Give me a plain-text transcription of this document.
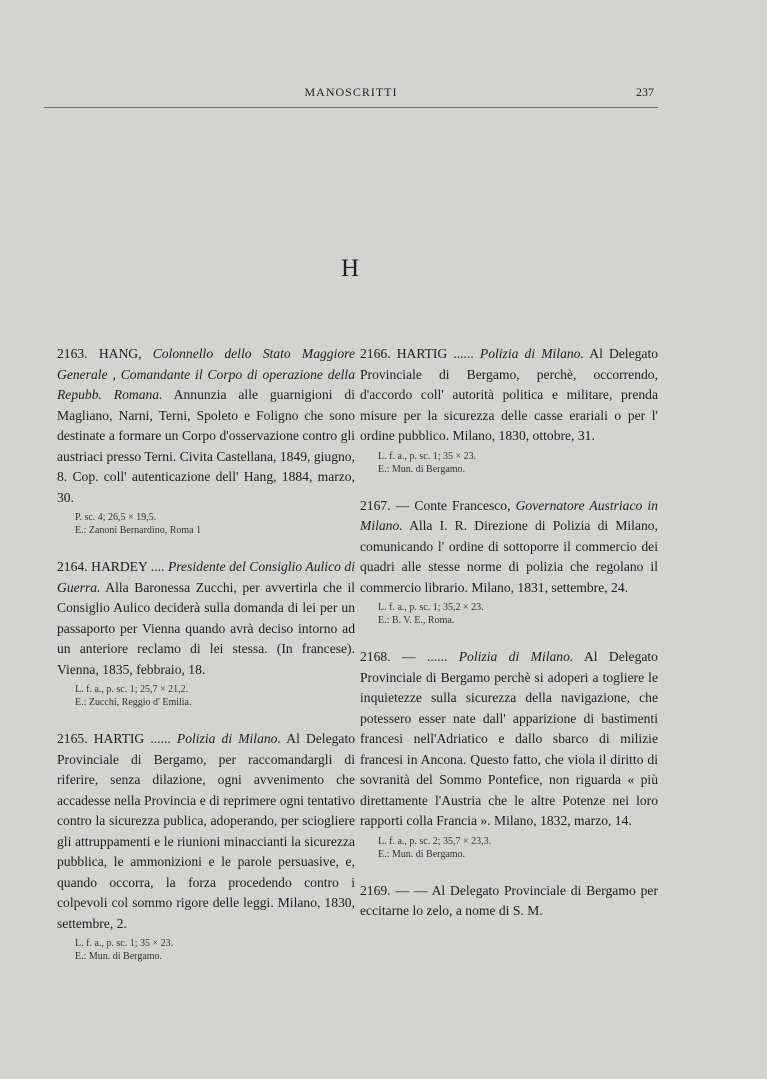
MANOSCRITTI	237
H

2163. HANG, Colonnello dello Stato Maggiore Generale , Comandante il Corpo di operazione della Repubb. Romana. Annunzia alle guarnigioni di Magliano, Narni, Terni, Spoleto e Foligno che sono destinate a formare un Corpo d'osservazione contro gli austriaci presso Terni. Civita Castellana, 1849, giugno, 8. Cop. coll' autenticazione dell' Hang, 1884, marzo, 30.

P. sc. 4; 26,5 × 19,5.
E.: Zanoni Bernardino, Roma 1

2164. HARDEY .... Presidente del Consiglio Aulico di Guerra. Alla Baronessa Zucchi, per avvertirla che il Consiglio Aulico deciderà sulla domanda di lei per un passaporto per Vienna quando avrà deciso intorno ad un anteriore reclamo di lei stessa. (In francese). Vienna, 1835, febbraio, 18.

L. f. a., p. sc. 1; 25,7 × 21,2.
E.: Zucchi, Reggio d' Emilia.

2165. HARTIG ...... Polizia di Milano. Al Delegato Provinciale di Bergamo, per raccomandargli di riferire, senza dilazione, ogni avvenimento che accadesse nella Provincia e di reprimere ogni tentativo contro la sicurezza publica, adoperando, per sciogliere gli attruppamenti e le riunioni minaccianti la sicurezza pubblica, le ammonizioni e le parole persuasive, e, quando occorra, la forza procedendo contro i colpevoli col sommo rigore delle leggi. Milano, 1830, settembre, 2.

L. f. a., p. sc. 1; 35 × 23.
E.: Mun. di Bergamo.

2166. HARTIG ...... Polizia di Milano. Al Delegato Provinciale di Bergamo, perchè, occorrendo, d'accordo coll' autorità politica e militare, prenda misure per la sicurezza delle casse erariali o per l' ordine pubblico. Milano, 1830, ottobre, 31.

L. f. a., p. sc. 1; 35 × 23.
E.: Mun. di Bergamo.

2167. — Conte Francesco, Governatore Austriaco in Milano. Alla I. R. Direzione di Polizia di Milano, comunicando l' ordine di sottoporre il commercio dei quadri alle stesse norme di polizia che regolano il commercio librario. Milano, 1831, settembre, 24.

L. f. a., p. sc. 1; 35,2 × 23.
E.: B. V. E., Roma.

2168. — ...... Polizia di Milano. Al Delegato Provinciale di Bergamo perchè si adoperi a togliere le inquietezze sulla sicurezza della navigazione, che potessero esser nate dall' apparizione di bastimenti francesi nell'Adriatico e dallo sbarco di milizie francesi in Ancona. Questo fatto, che viola il diritto di sovranità del Sommo Pontefice, non riguarda « più direttamente l'Austria che le altre Potenze nei loro rapporti colla Francia ». Milano, 1832, marzo, 14.

L. f. a., p. sc. 2; 35,7 × 23,3.
E.: Mun. di Bergamo.

2169. — — Al Delegato Provinciale di Bergamo per eccitarne lo zelo, a nome di S. M.
